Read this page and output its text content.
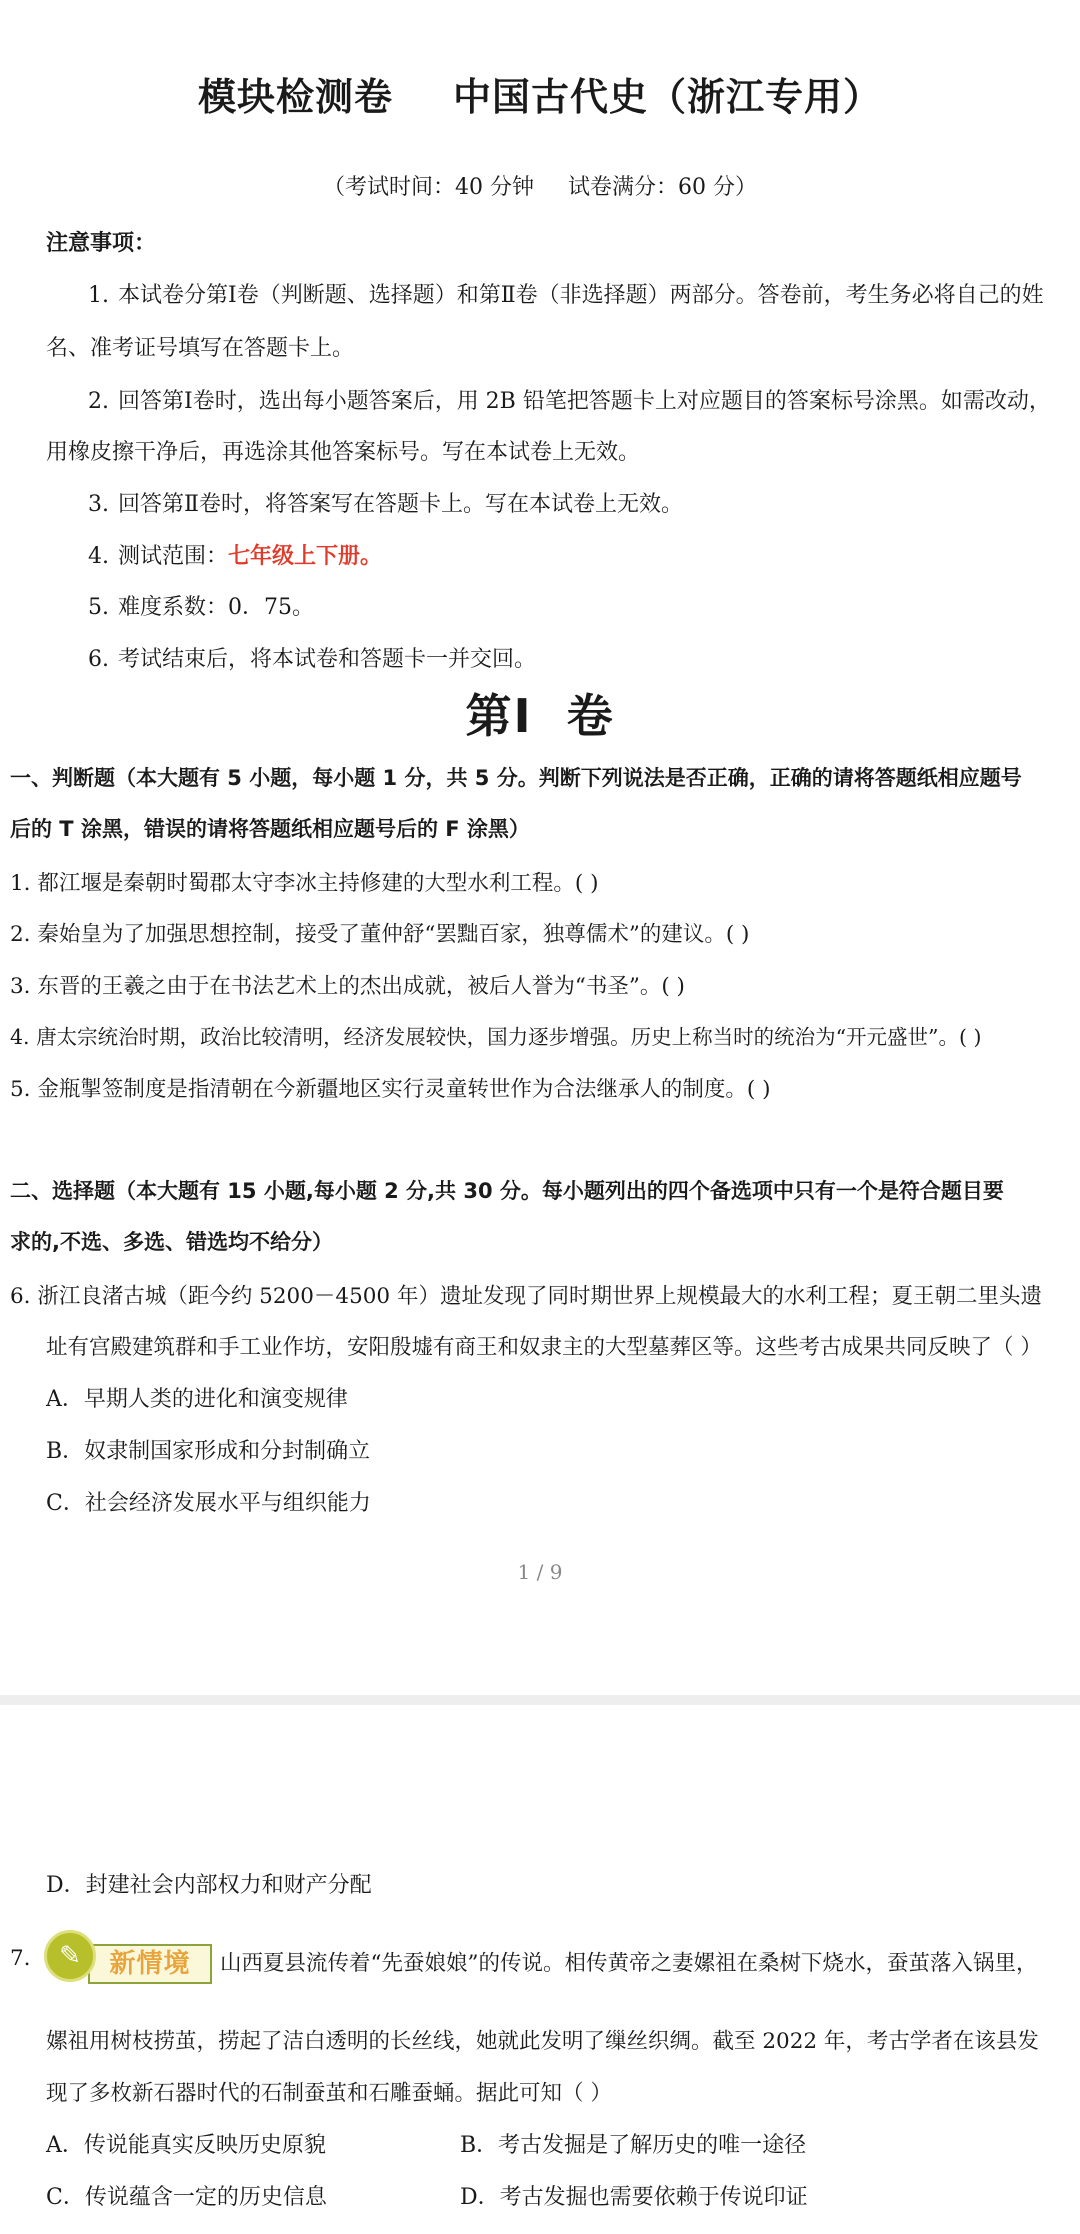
模块检测卷 中国古代史（浙江专用）
（考试时间：40 分钟 试卷满分：60 分）
注意事项：
1. 本试卷分第Ⅰ卷（判断题、选择题）和第Ⅱ卷（非选择题）两部分。答卷前，考生务必将自己的姓
名、准考证号填写在答题卡上。
2. 回答第Ⅰ卷时，选出每小题答案后，用 2B 铅笔把答题卡上对应题目的答案标号涂黑。如需改动，
用橡皮擦干净后，再选涂其他答案标号。写在本试卷上无效。
3. 回答第Ⅱ卷时，将答案写在答题卡上。写在本试卷上无效。
4. 测试范围：七年级上下册。
5. 难度系数：0．75。
6. 考试结束后，将本试卷和答题卡一并交回。
第Ⅰ 卷
一、判断题（本大题有 5 小题，每小题 1 分，共 5 分。判断下列说法是否正确，正确的请将答题纸相应题号
后的 T 涂黑，错误的请将答题纸相应题号后的 F 涂黑）
1. 都江堰是秦朝时蜀郡太守李冰主持修建的大型水利工程。( )
2. 秦始皇为了加强思想控制，接受了董仲舒“罢黜百家，独尊儒术”的建议。( )
3. 东晋的王羲之由于在书法艺术上的杰出成就，被后人誉为“书圣”。( )
4. 唐太宗统治时期，政治比较清明，经济发展较快，国力逐步增强。历史上称当时的统治为“开元盛世”。( )
5. 金瓶掣签制度是指清朝在今新疆地区实行灵童转世作为合法继承人的制度。( )
二、选择题（本大题有 15 小题,每小题 2 分,共 30 分。每小题列出的四个备选项中只有一个是符合题目要
求的,不选、多选、错选均不给分）
6. 浙江良渚古城（距今约 5200－4500 年）遗址发现了同时期世界上规模最大的水利工程；夏王朝二里头遗
址有宫殿建筑群和手工业作坊，安阳殷墟有商王和奴隶主的大型墓葬区等。这些考古成果共同反映了（ ）
A．早期人类的进化和演变规律
B．奴隶制国家形成和分封制确立
C．社会经济发展水平与组织能力
1 / 9
D．封建社会内部权力和财产分配
7.	新情境
✎	山西夏县流传着“先蚕娘娘”的传说。相传黄帝之妻嫘祖在桑树下烧水，蚕茧落入锅里，
嫘祖用树枝捞茧，捞起了洁白透明的长丝线，她就此发明了缫丝织绸。截至 2022 年，考古学者在该县发
现了多枚新石器时代的石制蚕茧和石雕蚕蛹。据此可知（ ）
A．传说能真实反映历史原貌	B．考古发掘是了解历史的唯一途径
C．传说蕴含一定的历史信息	D．考古发掘也需要依赖于传说印证
